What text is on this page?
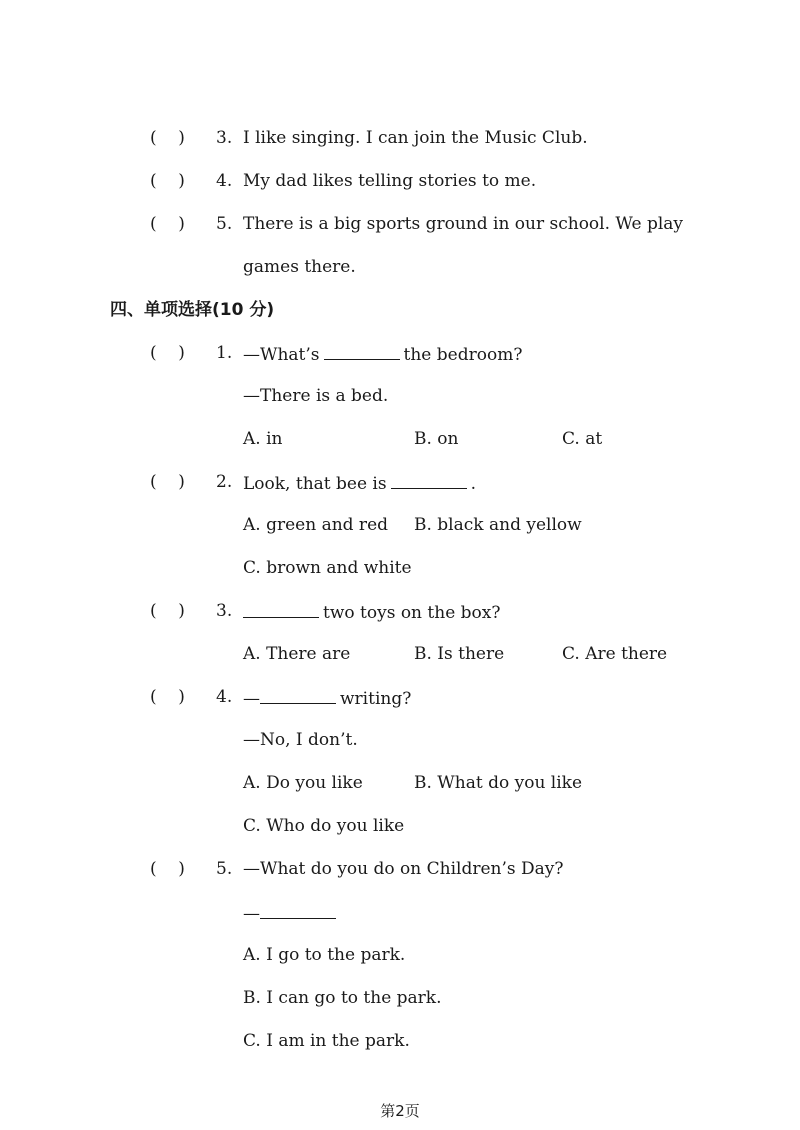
(    )	3. I like singing. I can join the Music Club.
(    )	4. My dad likes telling stories to me.
(    )	5. There is a big sports ground in our school. We play
games there.
四、单项选择(10 分)
(    )	1. —What’s	the bedroom?
—There is a bed.
A. in	B. on	C. at
(    )	2. Look, that bee is	.
A. green and red B. black and yellow
C. brown and white
(    )	3.	two toys on the box?
A. There are	B. Is there	C. Are there
(    )	4. —	writing?
—No, I don’t.
A. Do you like	B. What do you like
C. Who do you like
(    )	5. —What do you do on Children’s Day?
—
A. I go to the park.
B. I can go to the park.
C. I am in the park.
第2页
